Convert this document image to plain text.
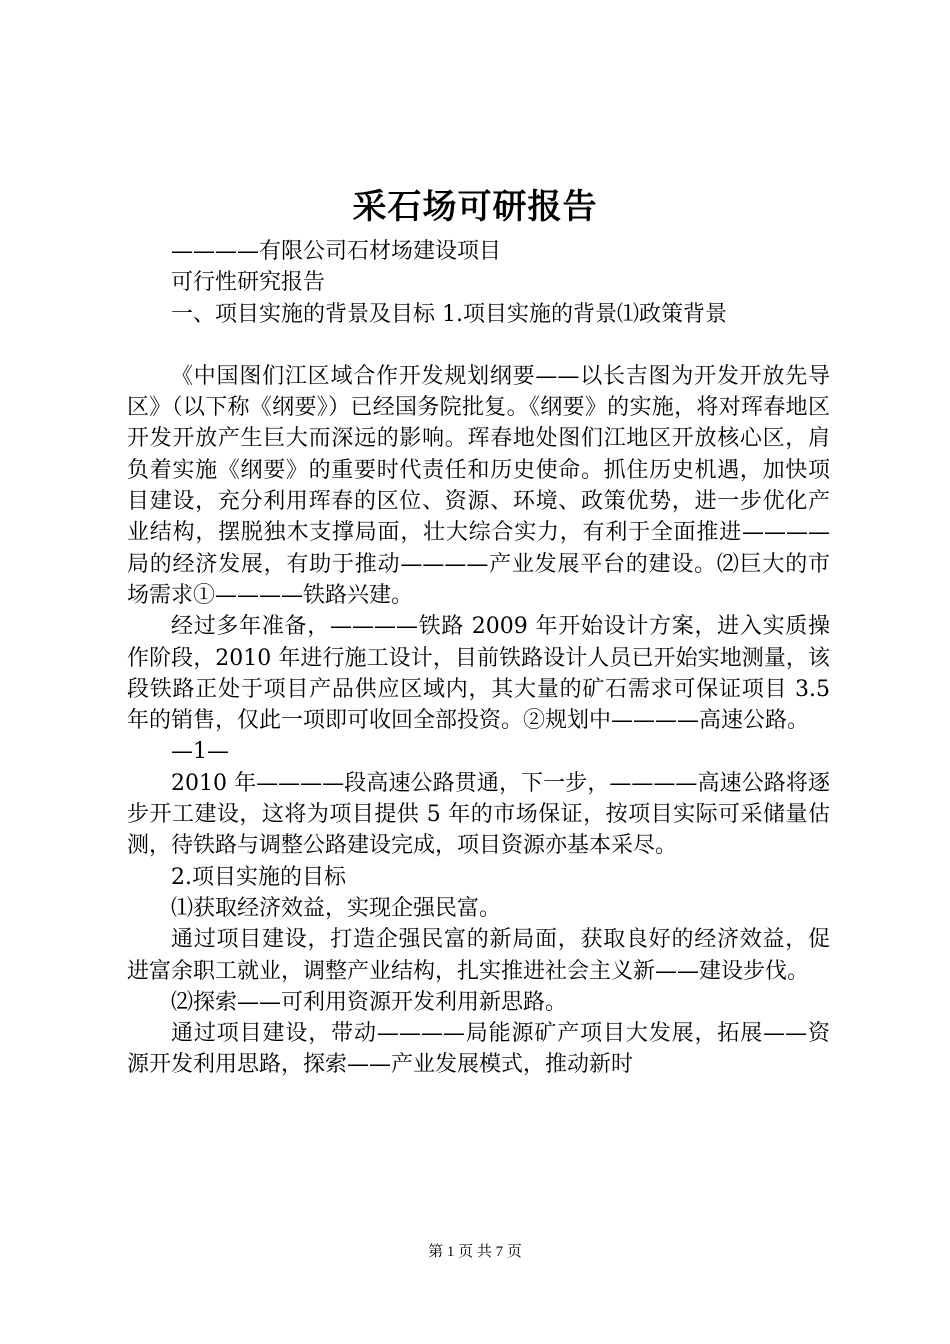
采石场可研报告

————有限公司石材场建设项目

可行性研究报告

一、项目实施的背景及目标 1.项目实施的背景⑴政策背景

《中国图们江区域合作开发规划纲要——以长吉图为开发开放先导区》（以下称《纲要》）已经国务院批复。《纲要》的实施，将对珲春地区开发开放产生巨大而深远的影响。珲春地处图们江地区开放核心区，肩负着实施《纲要》的重要时代责任和历史使命。抓住历史机遇，加快项目建设，充分利用珲春的区位、资源、环境、政策优势，进一步优化产业结构，摆脱独木支撑局面，壮大综合实力，有利于全面推进————局的经济发展，有助于推动————产业发展平台的建设。⑵巨大的市场需求①————铁路兴建。

经过多年准备，————铁路 2009 年开始设计方案，进入实质操作阶段，2010 年进行施工设计，目前铁路设计人员已开始实地测量，该段铁路正处于项目产品供应区域内，其大量的矿石需求可保证项目 3.5 年的销售，仅此一项即可收回全部投资。②规划中————高速公路。

—1—

2010 年————段高速公路贯通，下一步，————高速公路将逐步开工建设，这将为项目提供 5 年的市场保证，按项目实际可采储量估测，待铁路与调整公路建设完成，项目资源亦基本采尽。

2.项目实施的目标

⑴获取经济效益，实现企强民富。

通过项目建设，打造企强民富的新局面，获取良好的经济效益，促进富余职工就业，调整产业结构，扎实推进社会主义新——建设步伐。

⑵探索——可利用资源开发利用新思路。

通过项目建设，带动————局能源矿产项目大发展，拓展——资源开发利用思路，探索——产业发展模式，推动新时

第 1 页 共 7 页
